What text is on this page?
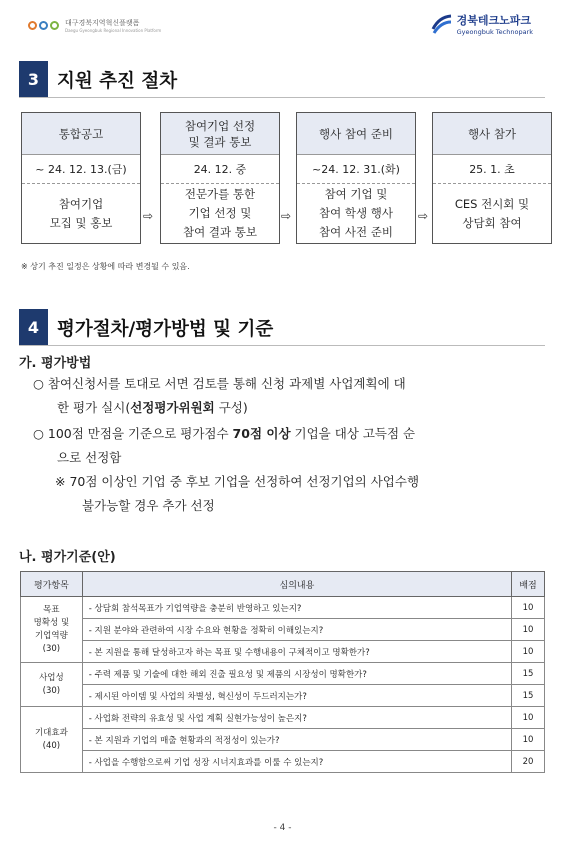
대구경북지역혁신플랫폼
Daegu Gyeongbuk Regional Innovation Platform
경북테크노파크
Gyeongbuk Technopark
3 지원 추진 절차
통합공고
~ 24. 12. 13.(금)
참여기업
모집 및 홍보	⇨
참여기업 선정
및 결과 통보
24. 12. 중
전문가를 통한
기업 선정 및
참여 결과 통보
⇨
행사 참여 준비
~24. 12. 31.(화)
참여 기업 및
참여 학생 행사
참여 사전 준비
⇨
행사 참가
25. 1. 초
CES 전시회 및
상담회 참여
※ 상기 추진 일정은 상황에 따라 변경될 수 있음.
4 평가절차/평가방법 및 기준
가. 평가방법
○ 참여신청서를 토대로 서면 검토를 통해 신청 과제별 사업계획에 대
한 평가 실시(선정평가위원회 구성)
○ 100점 만점을 기준으로 평가점수 70점 이상 기업을 대상 고득점 순
으로 선정함
※ 70점 이상인 기업 중 후보 기업을 선정하여 선정기업의 사업수행
불가능할 경우 추가 선정
나. 평가기준(안)
평가항목	심의내용	배점
목표
명확성 및
기업역량
(30)	- 상담회 참석목표가 기업역량을 충분히 반영하고 있는지?	10
	- 지원 분야와 관련하여 시장 수요와 현황을 정확히 이해있는지?	10
	- 본 지원을 통해 달성하고자 하는 목표 및 수행내용이 구체적이고 명확한가?	10
사업성
(30)	- 주력 제품 및 기술에 대한 해외 진출 필요성 및 제품의 시장성이 명확한가?	15
	- 제시된 아이템 및 사업의 차별성, 혁신성이 두드러지는가?	15
기대효과
(40)	- 사업화 전략의 유효성 및 사업 계획 실현가능성이 높은지?	10
	- 본 지원과 기업의 매출 현황과의 적정성이 있는가?	10
	- 사업을 수행함으로써 기업 성장 시너지효과를 이룰 수 있는지?	20
- 4 -
